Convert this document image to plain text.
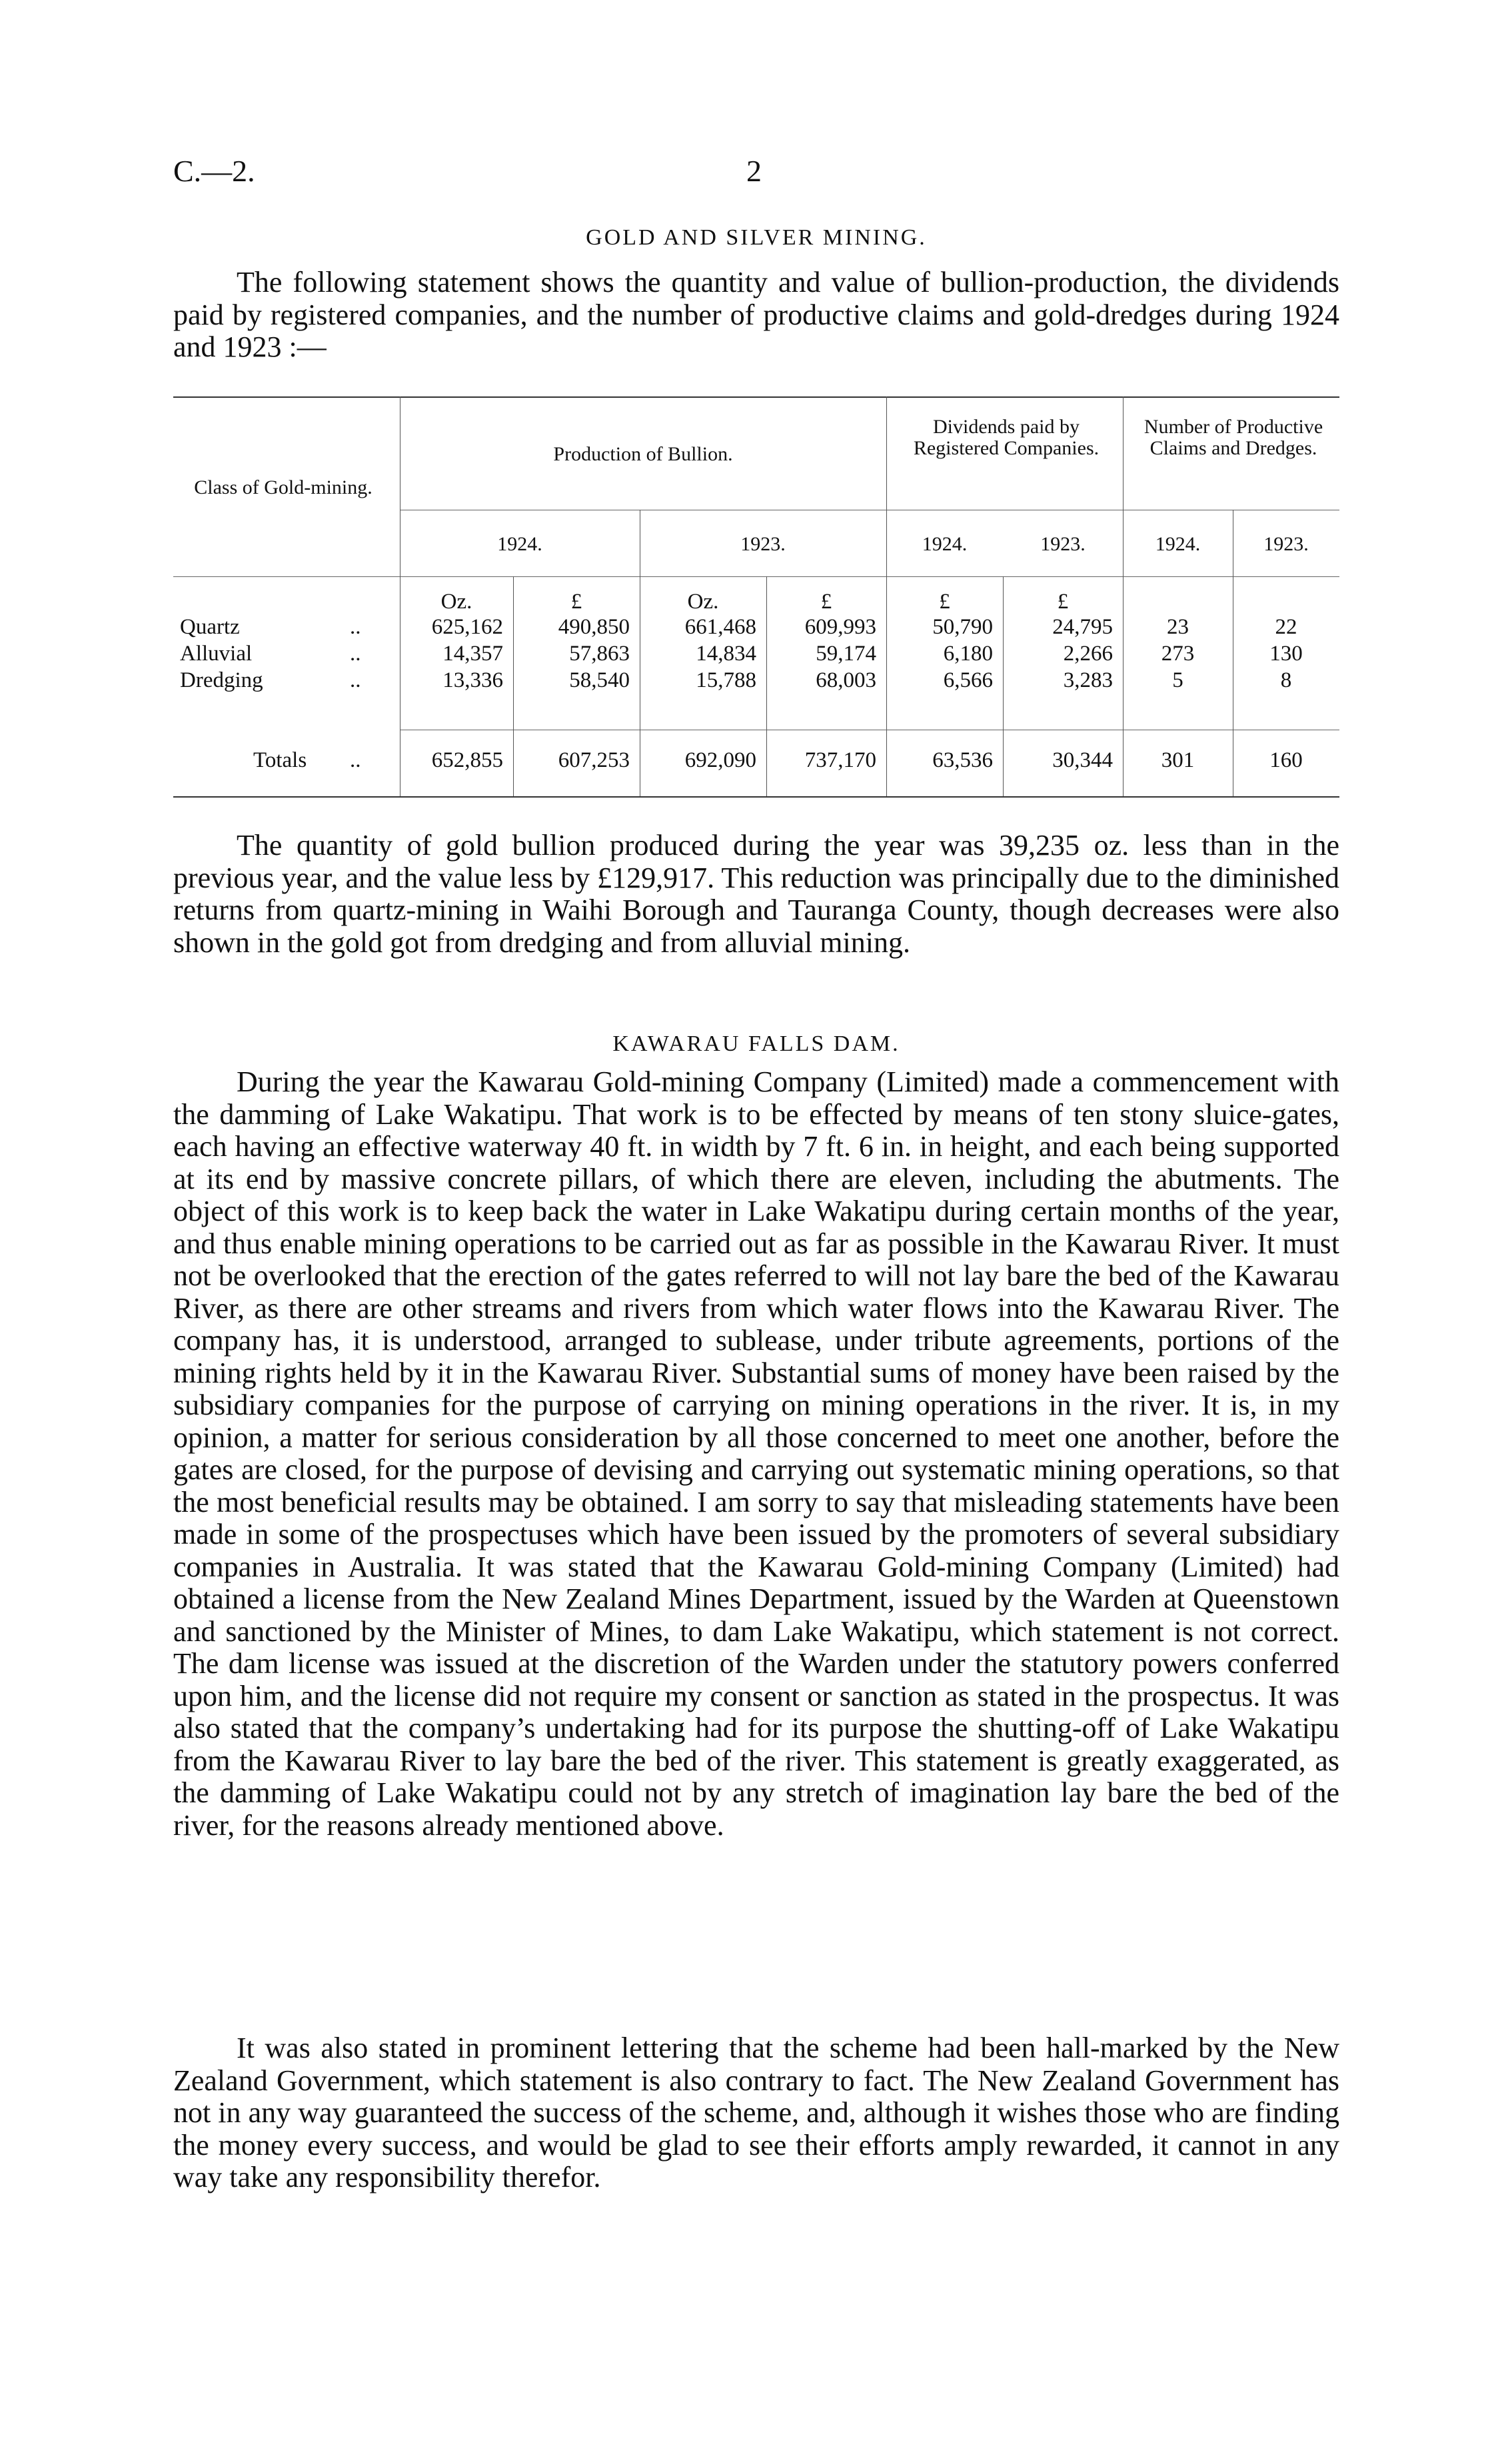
C.—2.	2
GOLD AND SILVER MINING.

The following statement shows the quantity and value of bullion-production, the dividends paid by registered companies, and the number of productive claims and gold-dredges during 1924 and 1923 :—

Class of Gold-mining.
Production of Bullion.
Dividends paid by Registered Companies.
Number of Productive Claims and Dredges.
1924.	1923.	1924.	1923.	1924.	1923.
Oz.	£	Oz.	£	£	£
Quartz	..	625,162	490,850	661,468	609,993	50,790	24,795	23	22
Alluvial	..	14,357	57,863	14,834	59,174	6,180	2,266	273	130
Dredging	..	13,336	58,540	15,788	68,003	6,566	3,283	5	8
Totals ..	652,855	607,253	692,090	737,170	63,536	30,344	301	160

The quantity of gold bullion produced during the year was 39,235 oz. less than in the previous year, and the value less by £129,917. This reduction was principally due to the diminished returns from quartz-mining in Waihi Borough and Tauranga County, though decreases were also shown in the gold got from dredging and from alluvial mining.

KAWARAU FALLS DAM.

During the year the Kawarau Gold-mining Company (Limited) made a commencement with the damming of Lake Wakatipu. That work is to be effected by means of ten stony sluice-gates, each having an effective waterway 40 ft. in width by 7 ft. 6 in. in height, and each being supported at its end by massive concrete pillars, of which there are eleven, including the abutments. The object of this work is to keep back the water in Lake Wakatipu during certain months of the year, and thus enable mining operations to be carried out as far as possible in the Kawarau River. It must not be overlooked that the erection of the gates referred to will not lay bare the bed of the Kawarau River, as there are other streams and rivers from which water flows into the Kawarau River. The company has, it is understood, arranged to sublease, under tribute agreements, portions of the mining rights held by it in the Kawarau River. Substantial sums of money have been raised by the subsidiary companies for the purpose of carrying on mining operations in the river. It is, in my opinion, a matter for serious consideration by all those concerned to meet one another, before the gates are closed, for the purpose of devising and carrying out systematic mining operations, so that the most beneficial results may be obtained. I am sorry to say that misleading statements have been made in some of the prospectuses which have been issued by the promoters of several subsidiary companies in Australia. It was stated that the Kawarau Gold-mining Company (Limited) had obtained a license from the New Zealand Mines Department, issued by the Warden at Queenstown and sanctioned by the Minister of Mines, to dam Lake Wakatipu, which statement is not correct. The dam license was issued at the discretion of the Warden under the statutory powers conferred upon him, and the license did not require my consent or sanction as stated in the prospectus. It was also stated that the company’s undertaking had for its purpose the shutting-off of Lake Wakatipu from the Kawarau River to lay bare the bed of the river. This statement is greatly exaggerated, as the damming of Lake Wakatipu could not by any stretch of imagination lay bare the bed of the river, for the reasons already mentioned above.

It was also stated in prominent lettering that the scheme had been hall-marked by the New Zealand Government, which statement is also contrary to fact. The New Zealand Government has not in any way guaranteed the success of the scheme, and, although it wishes those who are finding the money every success, and would be glad to see their efforts amply rewarded, it cannot in any way take any responsibility therefor.
